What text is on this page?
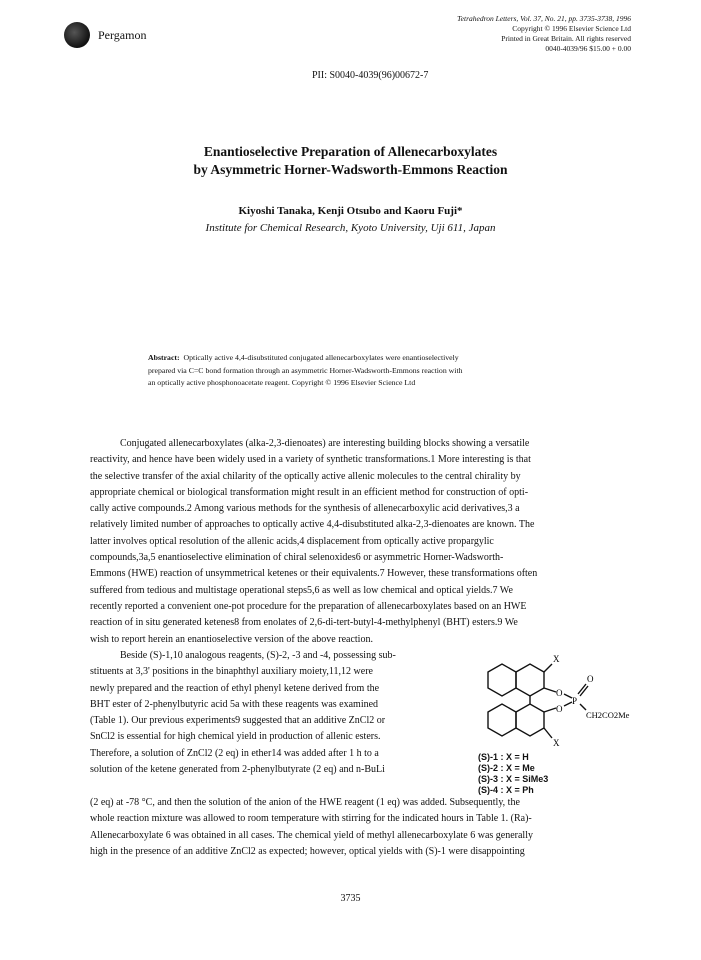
Pergamon
Tetrahedron Letters, Vol. 37, No. 21, pp. 3735-3738, 1996
Copyright © 1996 Elsevier Science Ltd
Printed in Great Britain. All rights reserved
0040-4039/96 $15.00 + 0.00
PII: S0040-4039(96)00672-7
Enantioselective Preparation of Allenecarboxylates
by Asymmetric Horner-Wadsworth-Emmons Reaction
Kiyoshi Tanaka, Kenji Otsubo and Kaoru Fuji*
Institute for Chemical Research, Kyoto University, Uji 611, Japan
Abstract: Optically active 4,4-disubstituted conjugated allenecarboxylates were enantioselectively
prepared via C=C bond formation through an asymmetric Horner-Wadsworth-Emmons reaction with
an optically active phosphonoacetate reagent. Copyright © 1996 Elsevier Science Ltd
Conjugated allenecarboxylates (alka-2,3-dienoates) are interesting building blocks showing a versatile
reactivity, and hence have been widely used in a variety of synthetic transformations.1 More interesting is that
the selective transfer of the axial chilarity of the optically active allenic molecules to the central chirality by
appropriate chemical or biological transformation might result in an efficient method for construction of opti-
cally active compounds.2 Among various methods for the synthesis of allenecarboxylic acid derivatives,3 a
relatively limited number of approaches to optically active 4,4-disubstituted alka-2,3-dienoates are known. The
latter involves optical resolution of the allenic acids,4 displacement from optically active propargylic
compounds,3a,5 enantioselective elimination of chiral selenoxides6 or asymmetric Horner-Wadsworth-
Emmons (HWE) reaction of unsymmetrical ketenes or their equivalents.7 However, these transformations often
suffered from tedious and multistage operational steps5,6 as well as low chemical and optical yields.7 We
recently reported a convenient one-pot procedure for the preparation of allenecarboxylates based on an HWE
reaction of in situ generated ketenes8 from enolates of 2,6-di-tert-butyl-4-methylphenyl (BHT) esters.9 We
wish to report herein an enantioselective version of the above reaction.
Beside (S)-1,10 analogous reagents, (S)-2, -3 and -4, possessing sub-
stituents at 3,3' positions in the binaphthyl auxiliary moiety,11,12 were
newly prepared and the reaction of ethyl phenyl ketene derived from the
BHT ester of 2-phenylbutyric acid 5a with these reagents was examined
(Table 1). Our previous experiments9 suggested that an additive ZnCl2 or
SnCl2 is essential for high chemical yield in production of allenic esters.
Therefore, a solution of ZnCl2 (2 eq) in ether14 was added after 1 h to a
solution of the ketene generated from 2-phenylbutyrate (2 eq) and n-BuLi
X
X
O
O
P
O
CH2CO2Me
(S)-1 : X = H
(S)-2 : X = Me
(S)-3 : X = SiMe3
(S)-4 : X = Ph
(2 eq) at -78 °C, and then the solution of the anion of the HWE reagent (1 eq) was added. Subsequently, the
whole reaction mixture was allowed to room temperature with stirring for the indicated hours in Table 1. (Ra)-
Allenecarboxylate 6 was obtained in all cases. The chemical yield of methyl allenecarboxylate 6 was generally
high in the presence of an additive ZnCl2 as expected; however, optical yields with (S)-1 were disappointing
3735
